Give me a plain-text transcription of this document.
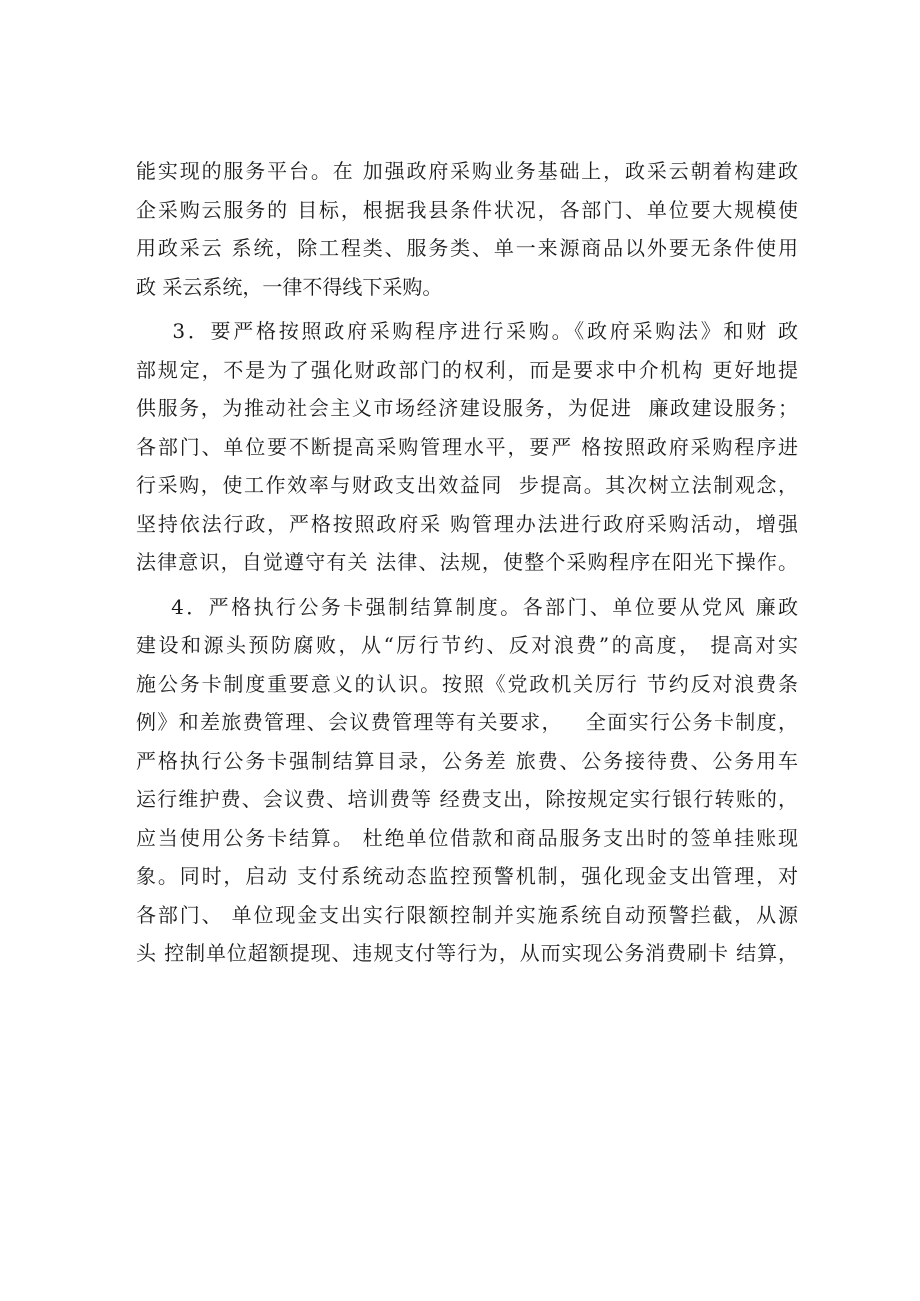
能实现的服务平台。在 加强政府采购业务基础上，政采云朝着构建政
企采购云服务的 目标，根据我县条件状况，各部门、单位要大规模使
用政采云 系统，除工程类、服务类、单一来源商品以外要无条件使用
政 采云系统，一律不得线下采购。
3．要严格按照政府采购程序进行采购。《政府采购法》和财 政
部规定，不是为了强化财政部门的权利，而是要求中介机构 更好地提
供服务，为推动社会主义市场经济建设服务，为促进  廉政建设服务；
各部门、单位要不断提高采购管理水平，要严 格按照政府采购程序进
行采购，使工作效率与财政支出效益同  步提高。其次树立法制观念，
坚持依法行政，严格按照政府采 购管理办法进行政府采购活动，增强
法律意识，自觉遵守有关 法律、法规，使整个采购程序在阳光下操作。
4．严格执行公务卡强制结算制度。各部门、单位要从党风 廉政
建设和源头预防腐败，从“厉行节约、反对浪费”的高度， 提高对实
施公务卡制度重要意义的认识。按照《党政机关厉行 节约反对浪费条
例》和差旅费管理、会议费管理等有关要求，   全面实行公务卡制度，
严格执行公务卡强制结算目录，公务差 旅费、公务接待费、公务用车
运行维护费、会议费、培训费等 经费支出，除按规定实行银行转账的，
应当使用公务卡结算。 杜绝单位借款和商品服务支出时的签单挂账现
象。同时，启动 支付系统动态监控预警机制，强化现金支出管理，对
各部门、 单位现金支出实行限额控制并实施系统自动预警拦截，从源
头 控制单位超额提现、违规支付等行为，从而实现公务消费刷卡 结算，
